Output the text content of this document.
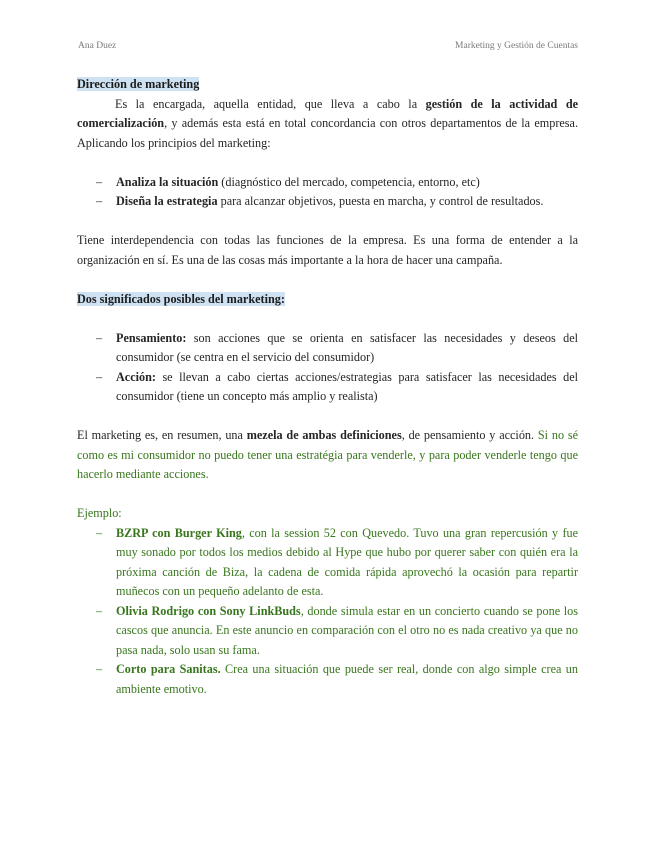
Ana Duez	Marketing y Gestión de Cuentas

Dirección de marketing

Es la encargada, aquella entidad, que lleva a cabo la gestión de la actividad de comercialización, y además esta está en total concordancia con otros departamentos de la empresa. Aplicando los principios del marketing:

– Analiza la situación (diagnóstico del mercado, competencia, entorno, etc)
– Diseña la estrategia para alcanzar objetivos, puesta en marcha, y control de resultados.

Tiene interdependencia con todas las funciones de la empresa. Es una forma de entender a la organización en sí. Es una de las cosas más importante a la hora de hacer una campaña.

Dos significados posibles del marketing:

– Pensamiento: son acciones que se orienta en satisfacer las necesidades y deseos del consumidor (se centra en el servicio del consumidor)
– Acción: se llevan a cabo ciertas acciones/estrategias para satisfacer las necesidades del consumidor (tiene un concepto más amplio y realista)

El marketing es, en resumen, una mezela de ambas definiciones, de pensamiento y acción. Si no sé como es mi consumidor no puedo tener una estratégia para venderle, y para poder venderle tengo que hacerlo mediante acciones.

Ejemplo:

– BZRP con Burger King, con la session 52 con Quevedo. Tuvo una gran repercusión y fue muy sonado por todos los medios debido al Hype que hubo por querer saber con quién era la próxima canción de Biza, la cadena de comida rápida aprovechó la ocasión para repartir muñecos con un pequeño adelanto de esta.
– Olivia Rodrigo con Sony LinkBuds, donde simula estar en un concierto cuando se pone los cascos que anuncia. En este anuncio en comparación con el otro no es nada creativo ya que no pasa nada, solo usan su fama.
– Corto para Sanitas. Crea una situación que puede ser real, donde con algo simple crea un ambiente emotivo.
